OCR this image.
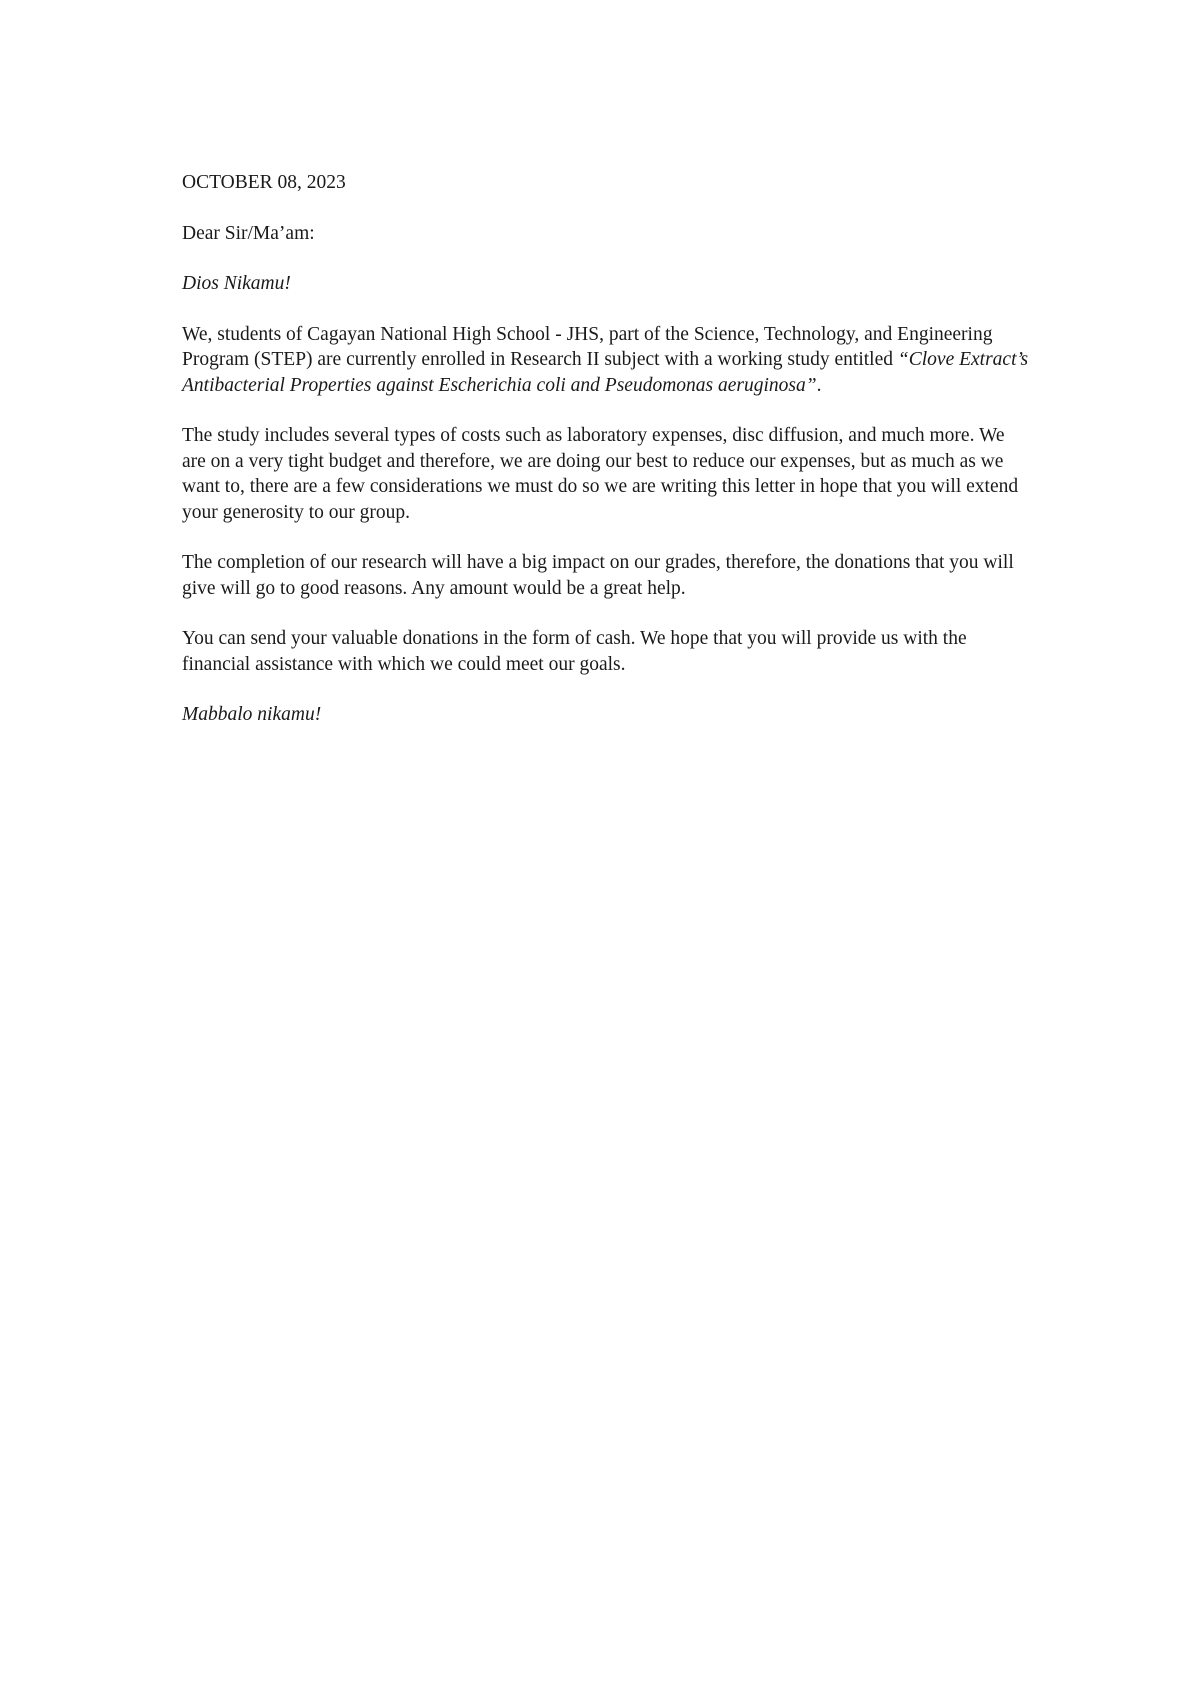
OCTOBER 08, 2023

Dear Sir/Ma’am:

Dios Nikamu!

We, students of Cagayan National High School - JHS, part of the Science, Technology, and Engineering Program (STEP) are currently enrolled in Research II subject with a working study entitled “Clove Extract’s Antibacterial Properties against Escherichia coli and Pseudomonas aeruginosa”.

The study includes several types of costs such as laboratory expenses, disc diffusion, and much more. We are on a very tight budget and therefore, we are doing our best to reduce our expenses, but as much as we want to, there are a few considerations we must do so we are writing this letter in hope that you will extend your generosity to our group.

The completion of our research will have a big impact on our grades, therefore, the donations that you will give will go to good reasons. Any amount would be a great help.

You can send your valuable donations in the form of cash. We hope that you will provide us with the financial assistance with which we could meet our goals.

Mabbalo nikamu!
